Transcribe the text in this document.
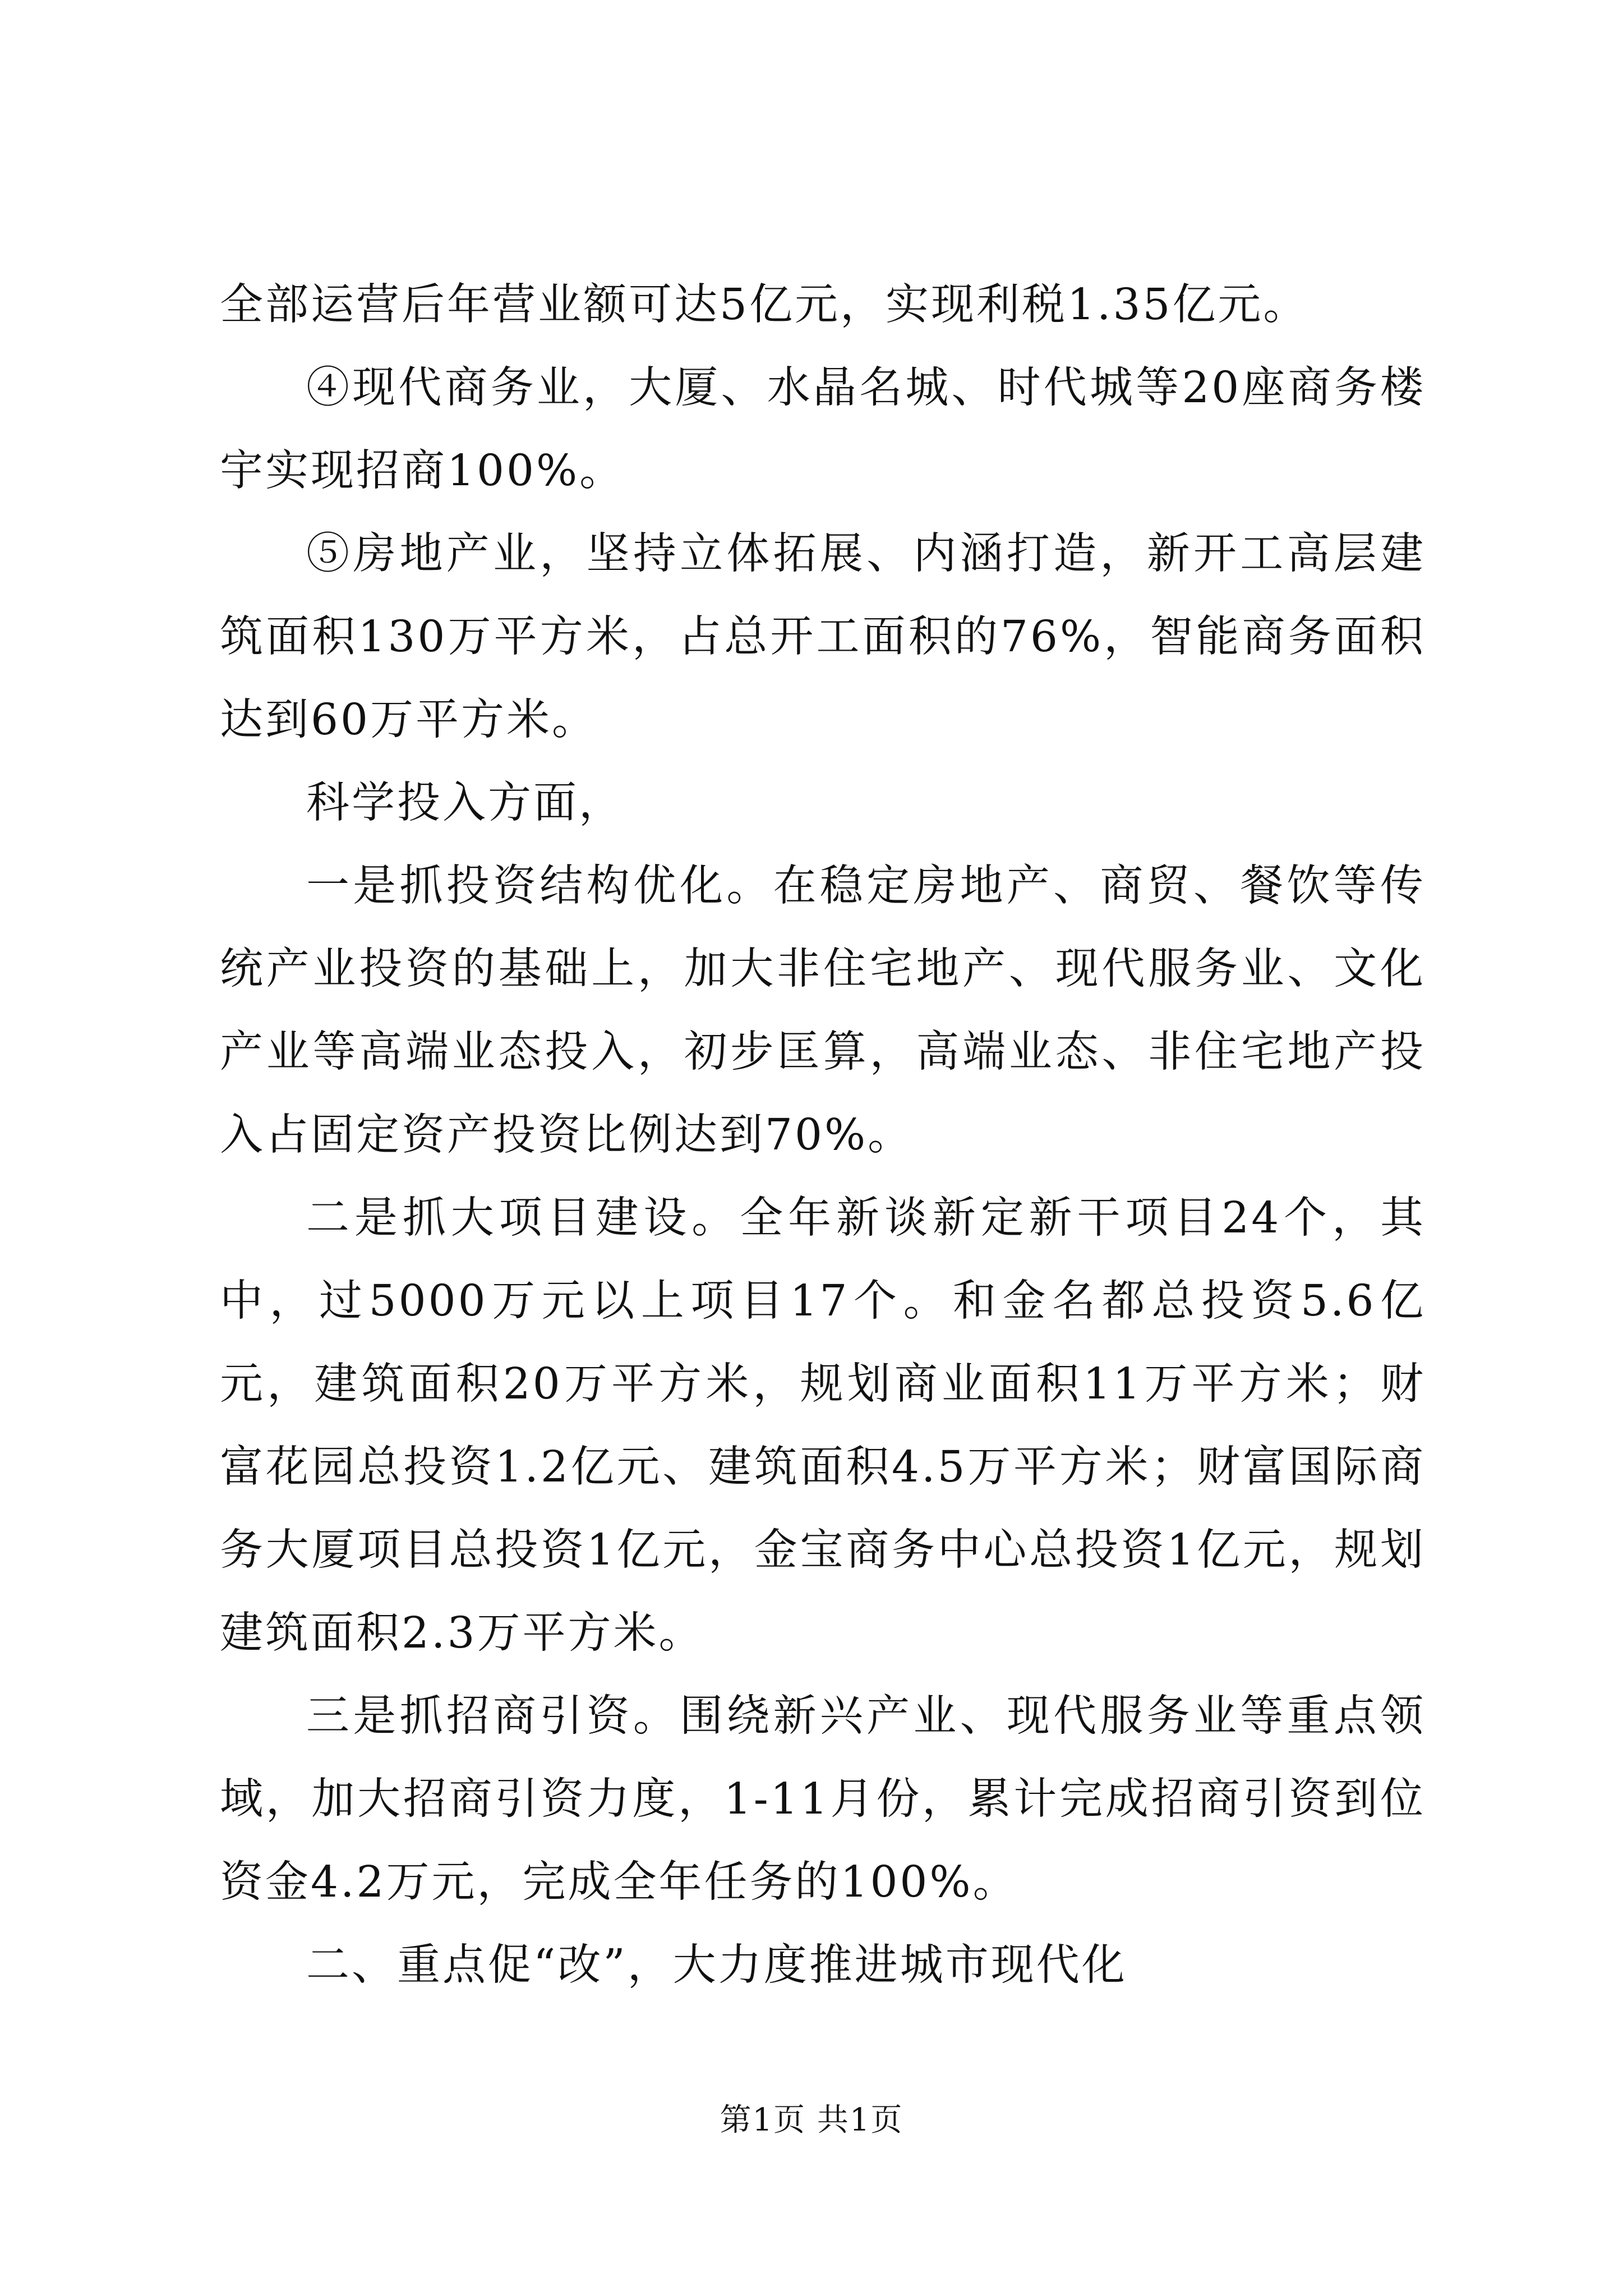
全部运营后年营业额可达5亿元，实现利税1.35亿元。

④现代商务业，大厦、水晶名城、时代城等20座商务楼宇实现招商100%。

⑤房地产业，坚持立体拓展、内涵打造，新开工高层建筑面积130万平方米，占总开工面积的76%，智能商务面积达到60万平方米。

科学投入方面，

一是抓投资结构优化。在稳定房地产、商贸、餐饮等传统产业投资的基础上，加大非住宅地产、现代服务业、文化产业等高端业态投入，初步匡算，高端业态、非住宅地产投入占固定资产投资比例达到70%。

二是抓大项目建设。全年新谈新定新干项目24个，其中，过5000万元以上项目17个。和金名都总投资5.6亿元，建筑面积20万平方米，规划商业面积11万平方米；财富花园总投资1.2亿元、建筑面积4.5万平方米；财富国际商务大厦项目总投资1亿元，金宝商务中心总投资1亿元，规划建筑面积2.3万平方米。

三是抓招商引资。围绕新兴产业、现代服务业等重点领域，加大招商引资力度，1-11月份，累计完成招商引资到位资金4.2万元，完成全年任务的100%。

二、重点促“改”，大力度推进城市现代化

第1页 共1页
